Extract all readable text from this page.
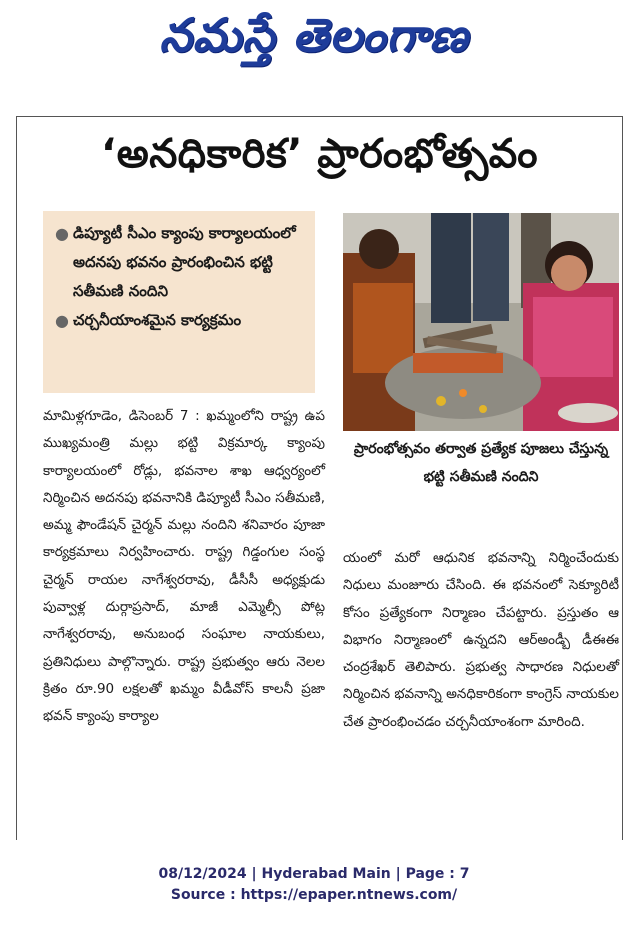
నమస్తే తెలంగాణ
‘అనధికారిక’ ప్రారంభోత్సవం
● డిప్యూటీ సీఎం క్యాంపు కార్యాలయంలో అదనపు భవనం ప్రారంభించిన భట్టి సతీమణి నందిని
● చర్చనీయాంశమైన కార్యక్రమం
ప్రారంభోత్సవం తర్వాత ప్రత్యేక పూజలు చేస్తున్న భట్టి సతీమణి నందిని

మామిళ్లగూడెం, డిసెంబర్ 7 : ఖమ్మంలోని రాష్ట్ర ఉప ముఖ్యమంత్రి మల్లు భట్టి విక్రమార్క క్యాంపు కార్యాలయంలో రోడ్లు, భవనాల శాఖ ఆధ్వర్యంలో నిర్మించిన అదనపు భవనానికి డిప్యూటీ సీఎం సతీమణి, అమ్మ ఫౌండేషన్ చైర్మన్ మల్లు నందిని శనివారం పూజా కార్యక్రమాలు నిర్వహించారు. రాష్ట్ర గిడ్డంగుల సంస్థ చైర్మన్ రాయల నాగేశ్వరరావు, డీసీసీ అధ్యక్షుడు పువ్వాళ్ల దుర్గాప్రసాద్, మాజీ ఎమ్మెల్సీ పోట్ల నాగేశ్వరరావు, అనుబంధ సంఘాల నాయకులు, ప్రతినిధులు పాల్గొన్నారు. రాష్ట్ర ప్రభుత్వం ఆరు నెలల క్రితం రూ.90 లక్షలతో ఖమ్మం వీడీవోస్ కాలనీ ప్రజా భవన్ క్యాంపు కార్యాల

యంలో మరో ఆధునిక భవనాన్ని నిర్మించేందుకు నిధులు మంజూరు చేసింది. ఈ భవనంలో సెక్యూరిటీ కోసం ప్రత్యేకంగా నిర్మాణం చేపట్టారు. ప్రస్తుతం ఆ విభాగం నిర్మాణంలో ఉన్నదని ఆర్అండ్బీ డీఈఈ చంద్రశేఖర్ తెలిపారు. ప్రభుత్వ సాధారణ నిధులతో నిర్మించిన భవనాన్ని అనధికారికంగా కాంగ్రెస్ నాయకుల చేత ప్రారంభించడం చర్చనీయాంశంగా మారింది.

08/12/2024 | Hyderabad Main | Page : 7
Source : https://epaper.ntnews.com/
